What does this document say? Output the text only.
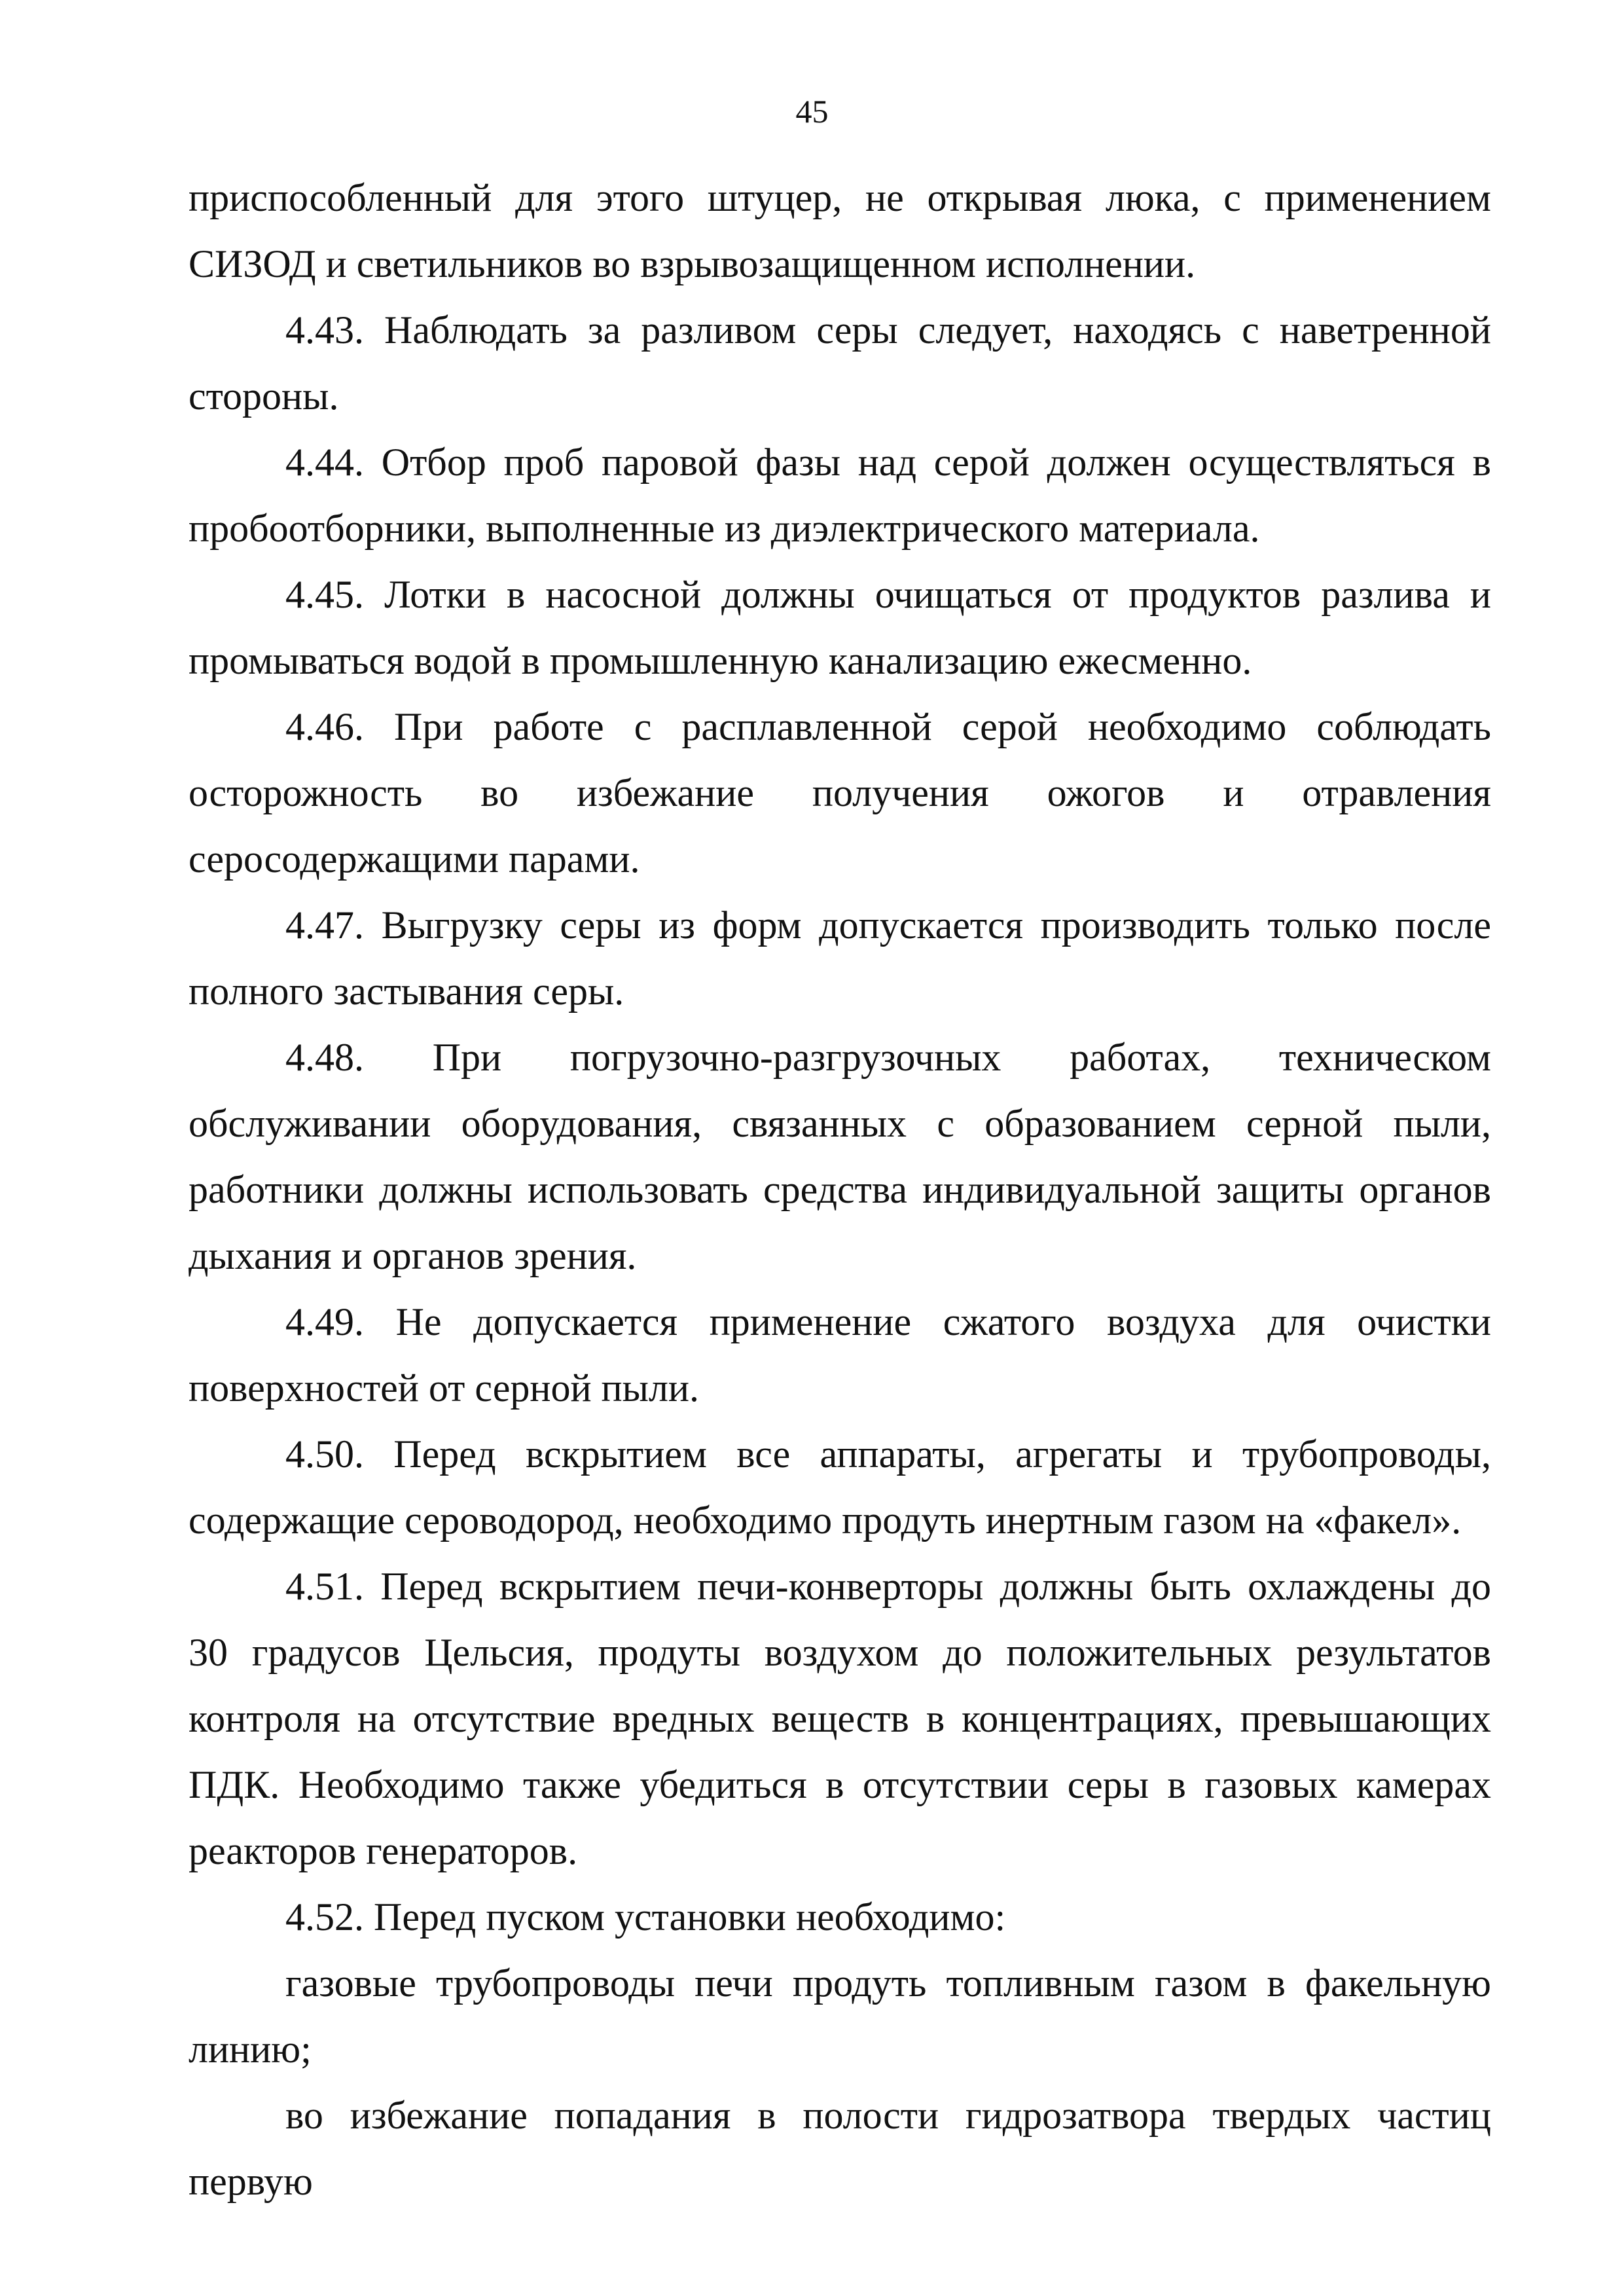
45

приспособленный для этого штуцер, не открывая люка, с применением СИЗОД и светильников во взрывозащищенном исполнении.

4.43. Наблюдать за разливом серы следует, находясь с наветренной стороны.

4.44. Отбор проб паровой фазы над серой должен осуществляться в пробоотборники, выполненные из диэлектрического материала.

4.45. Лотки в насосной должны очищаться от продуктов разлива и промываться водой в промышленную канализацию ежесменно.

4.46. При работе с расплавленной серой необходимо соблюдать осторожность во избежание получения ожогов и отравления серосодержащими парами.

4.47. Выгрузку серы из форм допускается производить только после полного застывания серы.

4.48. При погрузочно-разгрузочных работах, техническом обслуживании оборудования, связанных с образованием серной пыли, работники должны использовать средства индивидуальной защиты органов дыхания и органов зрения.

4.49. Не допускается применение сжатого воздуха для очистки поверхностей от серной пыли.

4.50. Перед вскрытием все аппараты, агрегаты и трубопроводы, содержащие сероводород, необходимо продуть инертным газом на «факел».

4.51. Перед вскрытием печи-конверторы должны быть охлаждены до 30 градусов Цельсия, продуты воздухом до положительных результатов контроля на отсутствие вредных веществ в концентрациях, превышающих ПДК. Необходимо также убедиться в отсутствии серы в газовых камерах реакторов генераторов.

4.52. Перед пуском установки необходимо:

газовые трубопроводы печи продуть топливным газом в факельную линию;

во избежание попадания в полости гидрозатвора твердых частиц первую
